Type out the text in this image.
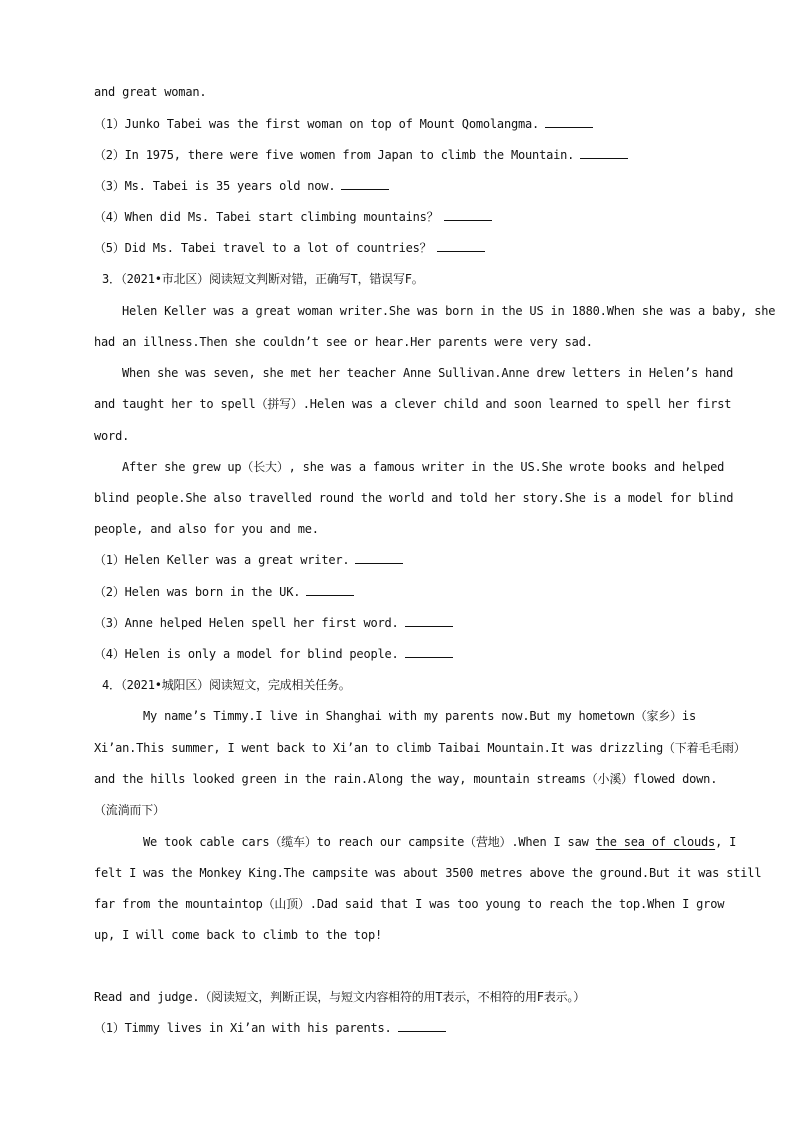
and great woman.
（1）Junko Tabei was the first woman on top of Mount Qomolangma.
（2）In 1975, there were five women from Japan to climb the Mountain.
（3）Ms. Tabei is 35 years old now.
（4）When did Ms. Tabei start climbing mountains？
（5）Did Ms. Tabei travel to a lot of countries？
3．（2021•市北区）阅读短文判断对错，正确写T，错误写F。
Helen Keller was a great woman writer.She was born in the US in 1880.When she was a baby, she
had an illness.Then she couldn’t see or hear.Her parents were very sad.
When she was seven, she met her teacher Anne Sullivan.Anne drew letters in Helen’s hand
and taught her to spell（拼写）.Helen was a clever child and soon learned to spell her first
word.
After she grew up（长大）, she was a famous writer in the US.She wrote books and helped
blind people.She also travelled round the world and told her story.She is a model for blind
people, and also for you and me.
（1）Helen Keller was a great writer.
（2）Helen was born in the UK.
（3）Anne helped Helen spell her first word.
（4）Helen is only a model for blind people.
4．（2021•城阳区）阅读短文，完成相关任务。
My name’s Timmy.I live in Shanghai with my parents now.But my hometown（家乡）is
Xi’an.This summer, I went back to Xi’an to climb Taibai Mountain.It was drizzling（下着毛毛雨）
and the hills looked green in the rain.Along the way, mountain streams（小溪）flowed down.
（流淌而下）
We took cable cars（缆车）to reach our campsite（营地）.When I saw the sea of clouds, I
felt I was the Monkey King.The campsite was about 3500 metres above the ground.But it was still
far from the mountaintop（山顶）.Dad said that I was too young to reach the top.When I grow
up, I will come back to climb to the top!
Read and judge.（阅读短文，判断正误，与短文内容相符的用T表示，不相符的用F表示。）
（1）Timmy lives in Xi’an with his parents.
